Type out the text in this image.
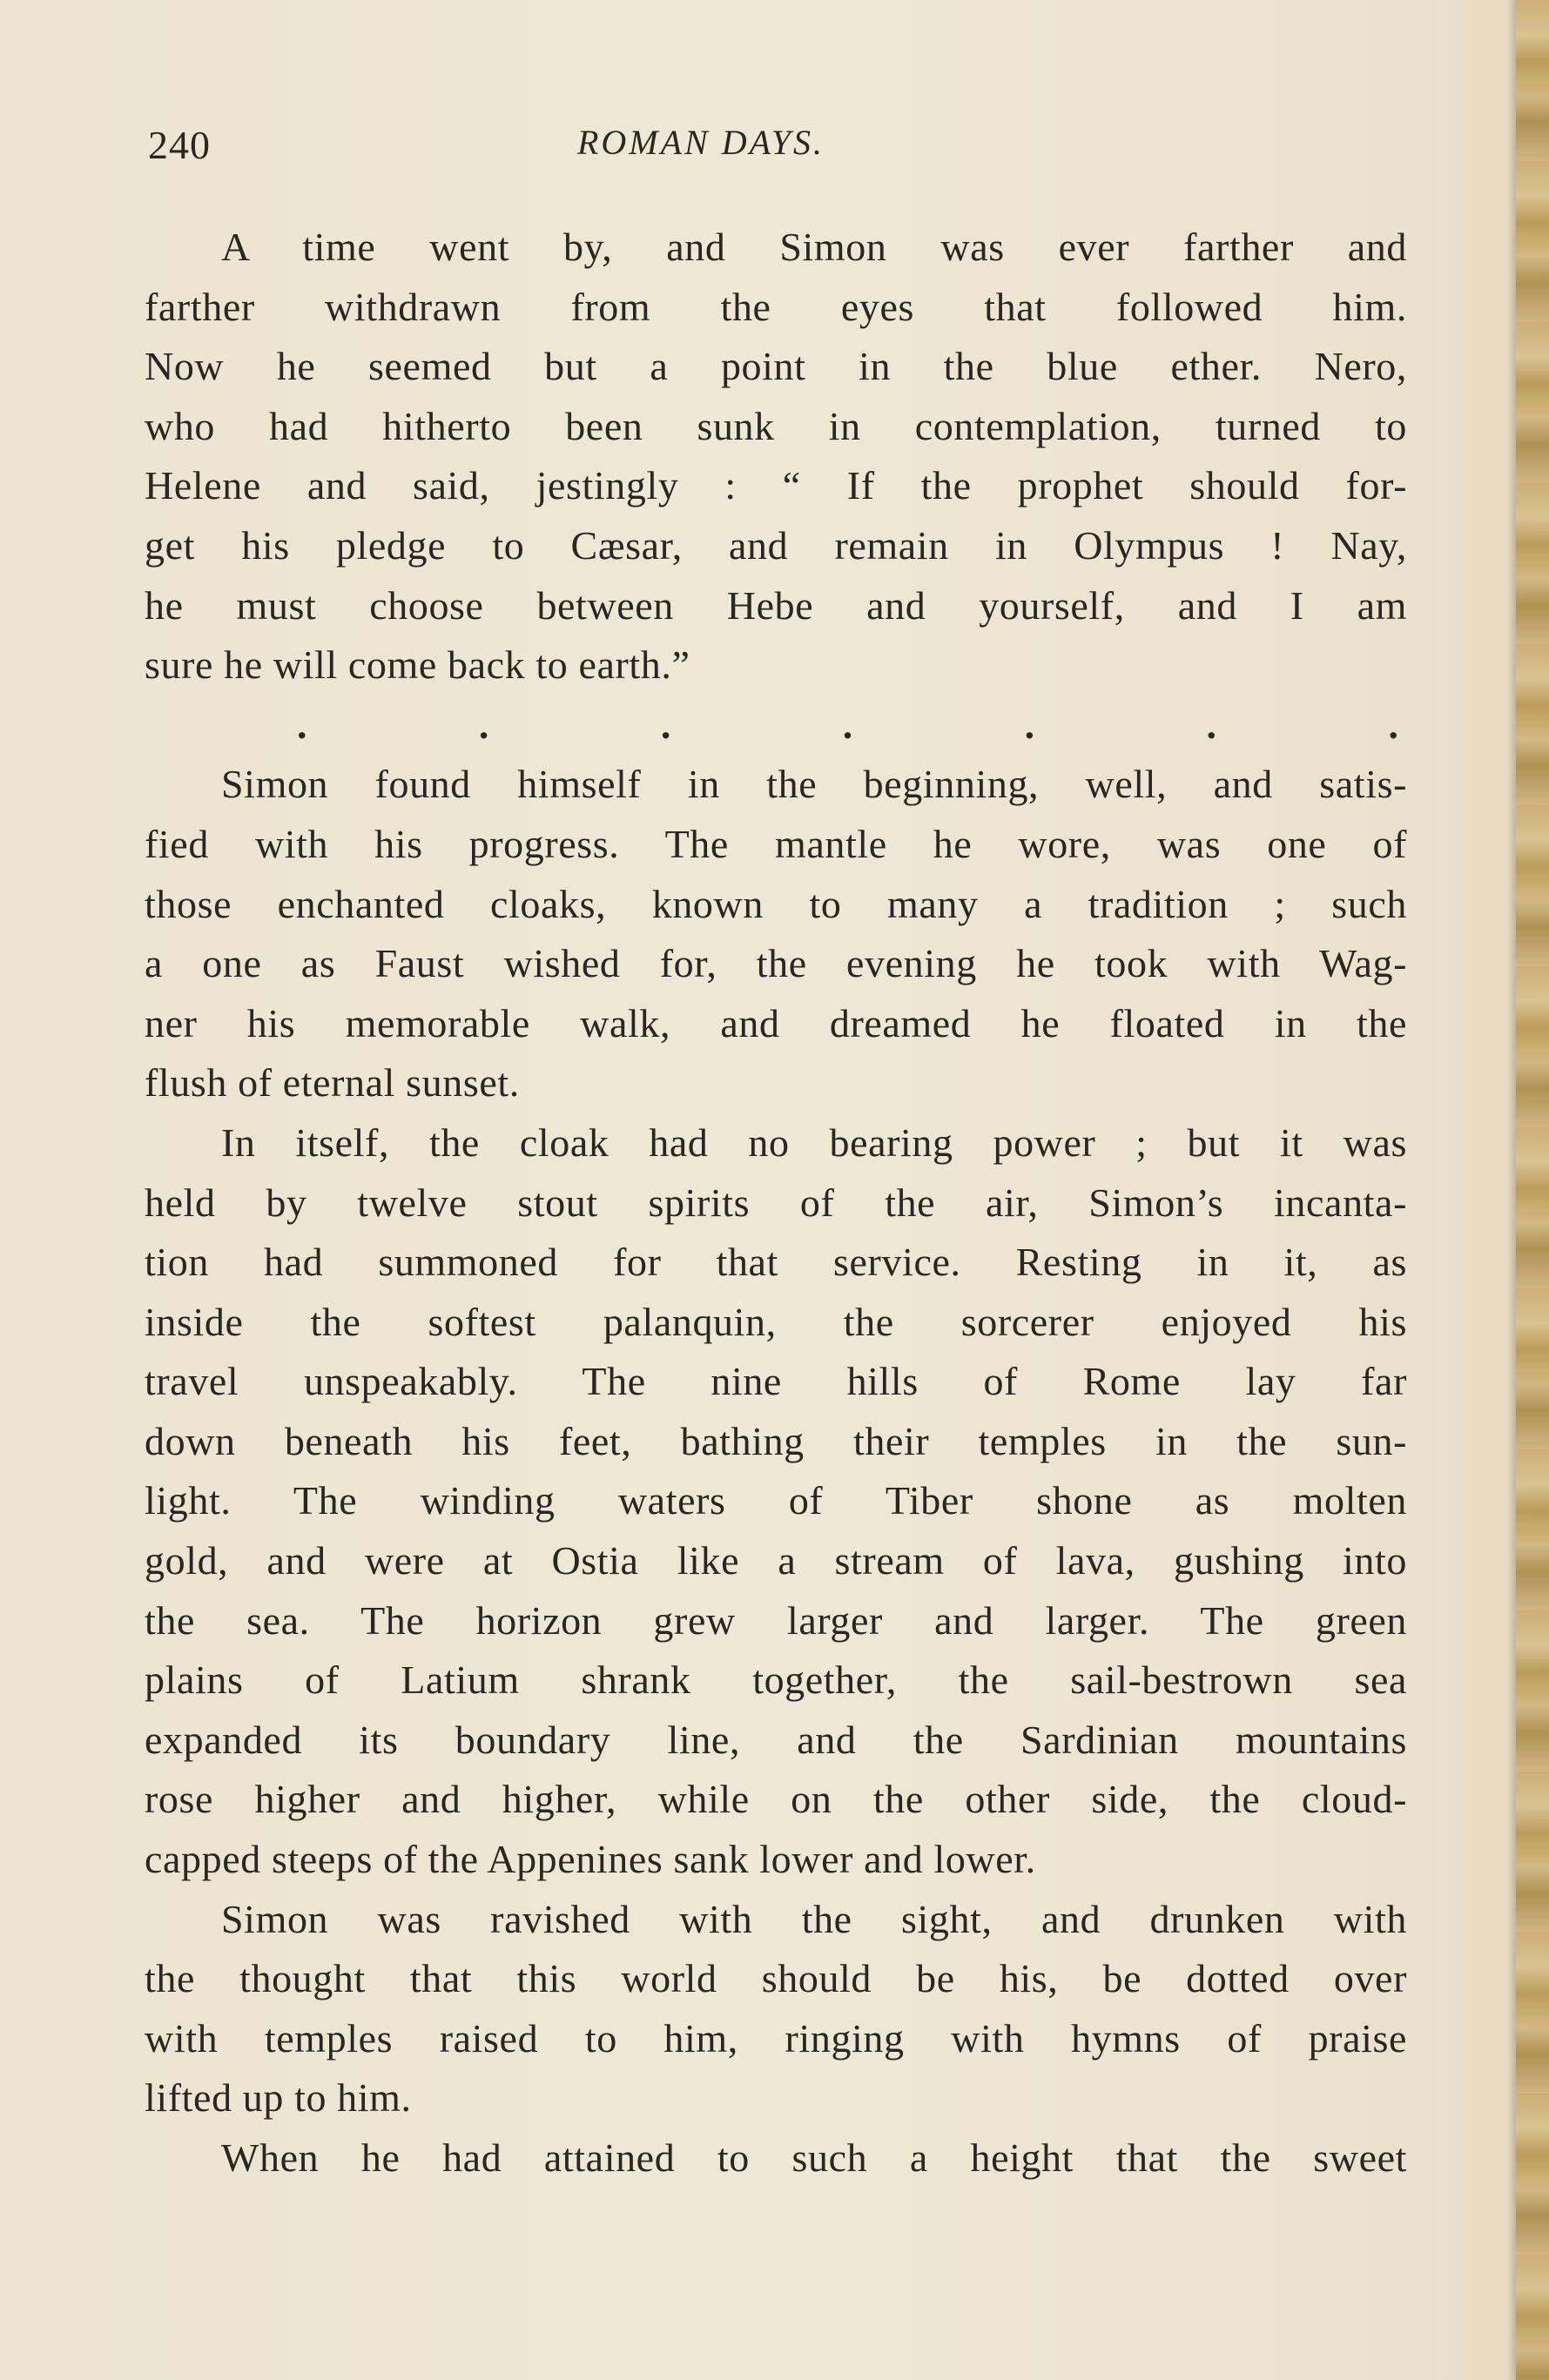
240	ROMAN DAYS.
A time went by, and Simon was ever farther and
farther withdrawn from the eyes that followed him.
Now he seemed but a point in the blue ether. Nero,
who had hitherto been sunk in contemplation, turned to
Helene and said, jestingly : “ If the prophet should for-
get his pledge to Cæsar, and remain in Olympus ! Nay,
he must choose between Hebe and yourself, and I am
sure he will come back to earth.”
.	.	.	.	.	.	.
Simon found himself in the beginning, well, and satis-
fied with his progress. The mantle he wore, was one of
those enchanted cloaks, known to many a tradition ; such
a one as Faust wished for, the evening he took with Wag-
ner his memorable walk, and dreamed he floated in the
flush of eternal sunset.
In itself, the cloak had no bearing power ; but it was
held by twelve stout spirits of the air, Simon’s incanta-
tion had summoned for that service. Resting in it, as
inside the softest palanquin, the sorcerer enjoyed his
travel unspeakably. The nine hills of Rome lay far
down beneath his feet, bathing their temples in the sun-
light. The winding waters of Tiber shone as molten
gold, and were at Ostia like a stream of lava, gushing into
the sea. The horizon grew larger and larger. The green
plains of Latium shrank together, the sail-bestrown sea
expanded its boundary line, and the Sardinian mountains
rose higher and higher, while on the other side, the cloud-
capped steeps of the Appenines sank lower and lower.
Simon was ravished with the sight, and drunken with
the thought that this world should be his, be dotted over
with temples raised to him, ringing with hymns of praise
lifted up to him.
When he had attained to such a height that the sweet
